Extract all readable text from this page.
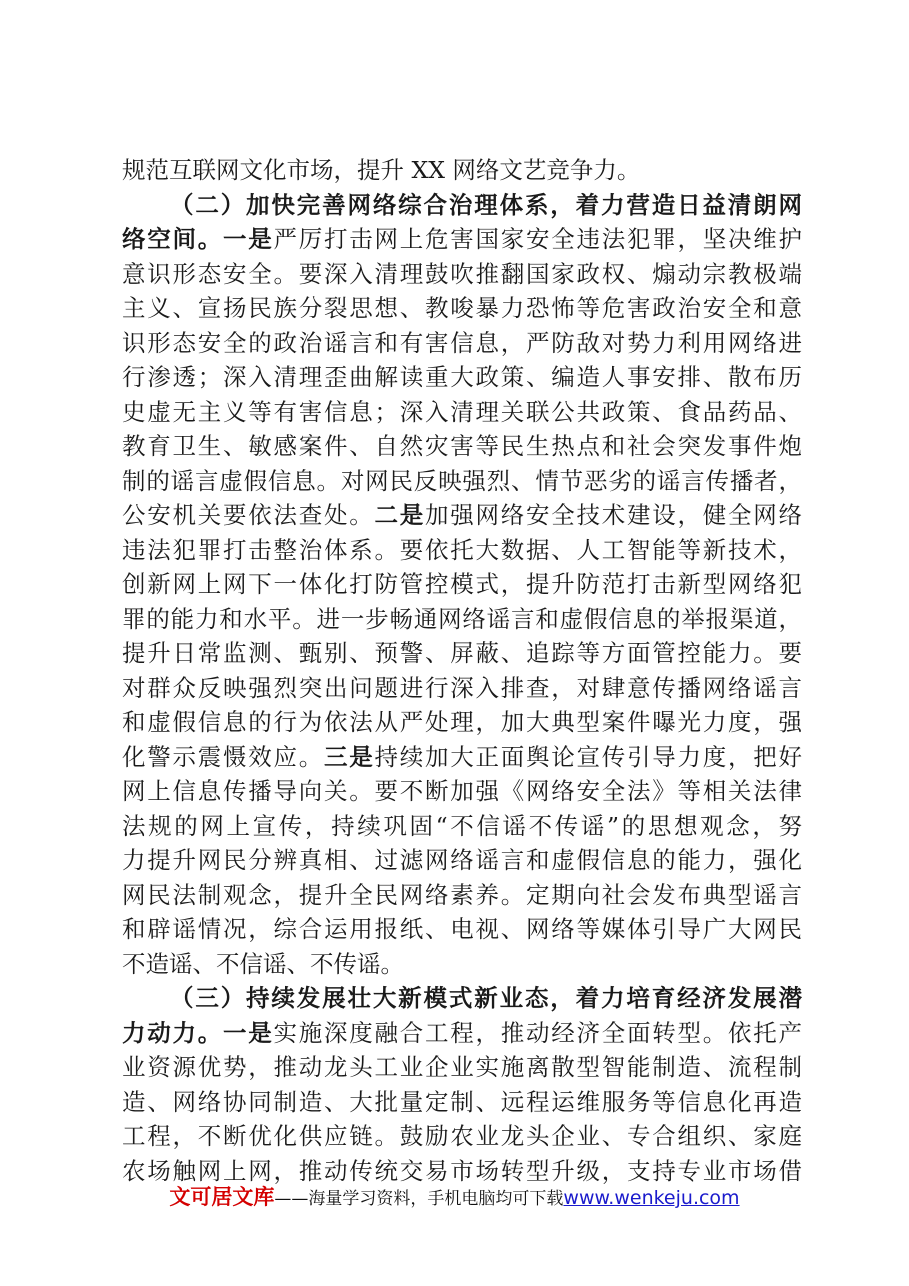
规范互联网文化市场，提升 XX 网络文艺竞争力。
（二）加快完善网络综合治理体系，着力营造日益清朗网
络空间。一是严厉打击网上危害国家安全违法犯罪，坚决维护
意识形态安全。要深入清理鼓吹推翻国家政权、煽动宗教极端
主义、宣扬民族分裂思想、教唆暴力恐怖等危害政治安全和意
识形态安全的政治谣言和有害信息，严防敌对势力利用网络进
行渗透；深入清理歪曲解读重大政策、编造人事安排、散布历
史虚无主义等有害信息；深入清理关联公共政策、食品药品、
教育卫生、敏感案件、自然灾害等民生热点和社会突发事件炮
制的谣言虚假信息。对网民反映强烈、情节恶劣的谣言传播者，
公安机关要依法查处。二是加强网络安全技术建设，健全网络
违法犯罪打击整治体系。要依托大数据、人工智能等新技术，
创新网上网下一体化打防管控模式，提升防范打击新型网络犯
罪的能力和水平。进一步畅通网络谣言和虚假信息的举报渠道，
提升日常监测、甄别、预警、屏蔽、追踪等方面管控能力。要
对群众反映强烈突出问题进行深入排查，对肆意传播网络谣言
和虚假信息的行为依法从严处理，加大典型案件曝光力度，强
化警示震慑效应。三是持续加大正面舆论宣传引导力度，把好
网上信息传播导向关。要不断加强《网络安全法》等相关法律
法规的网上宣传，持续巩固“不信谣不传谣”的思想观念，努
力提升网民分辨真相、过滤网络谣言和虚假信息的能力，强化
网民法制观念，提升全民网络素养。定期向社会发布典型谣言
和辟谣情况，综合运用报纸、电视、网络等媒体引导广大网民
不造谣、不信谣、不传谣。
（三）持续发展壮大新模式新业态，着力培育经济发展潜
力动力。一是实施深度融合工程，推动经济全面转型。依托产
业资源优势，推动龙头工业企业实施离散型智能制造、流程制
造、网络协同制造、大批量定制、远程运维服务等信息化再造
工程，不断优化供应链。鼓励农业龙头企业、专合组织、家庭
农场触网上网，推动传统交易市场转型升级，支持专业市场借
文可居文库——海量学习资料，手机电脑均可下载www.wenkeju.com
